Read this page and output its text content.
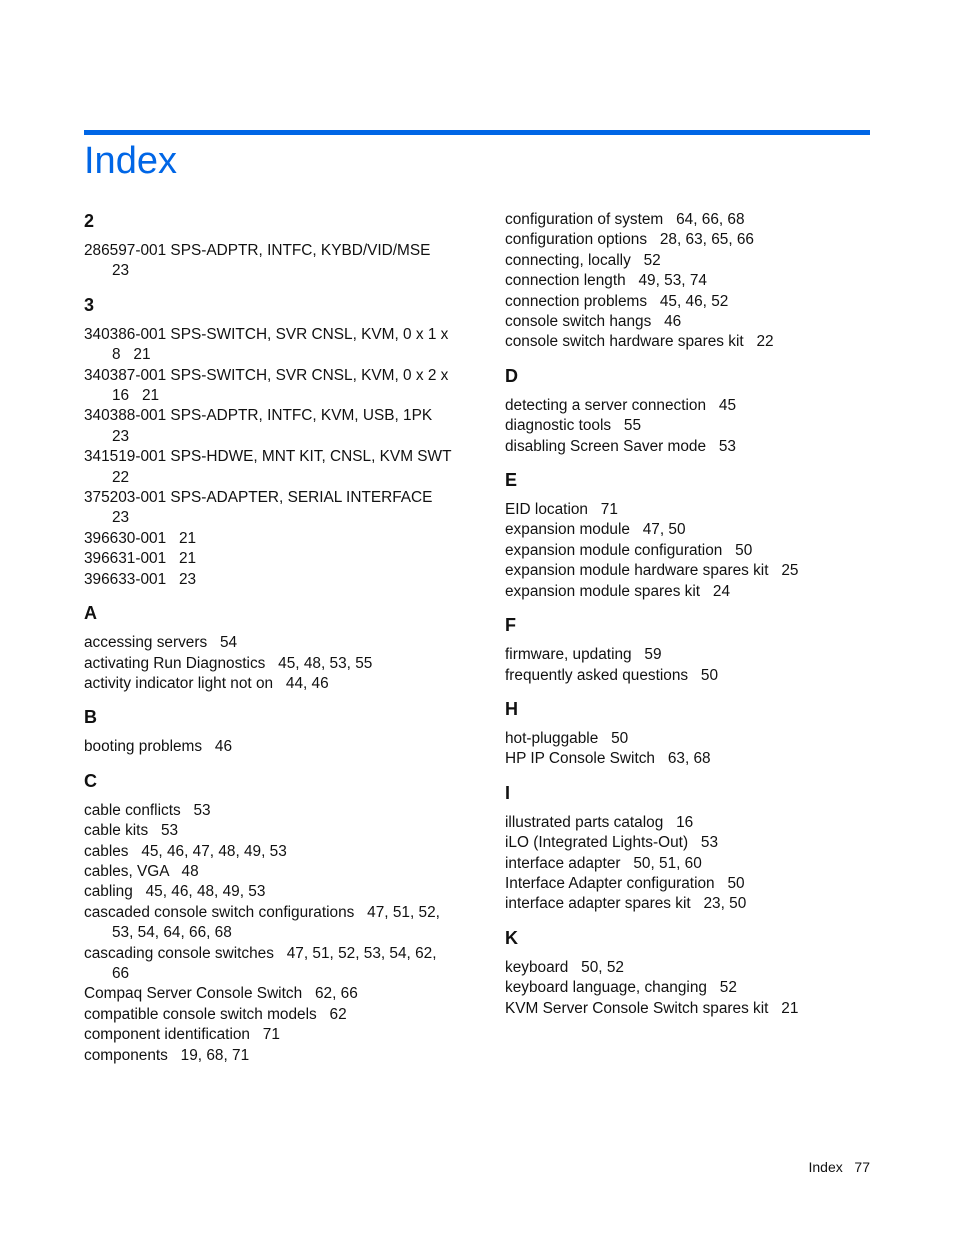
Index
2
286597-001 SPS-ADPTR, INTFC, KYBD/VID/MSE   23
3
340386-001 SPS-SWITCH, SVR CNSL, KVM, 0 x 1 x 8   21
340387-001 SPS-SWITCH, SVR CNSL, KVM, 0 x 2 x 16   21
340388-001 SPS-ADPTR, INTFC, KVM, USB, 1PK   23
341519-001 SPS-HDWE, MNT KIT, CNSL, KVM SWT   22
375203-001 SPS-ADAPTER, SERIAL INTERFACE   23
396630-001   21
396631-001   21
396633-001   23
A
accessing servers   54
activating Run Diagnostics   45, 48, 53, 55
activity indicator light not on   44, 46
B
booting problems   46
C
cable conflicts   53
cable kits   53
cables   45, 46, 47, 48, 49, 53
cables, VGA   48
cabling   45, 46, 48, 49, 53
cascaded console switch configurations   47, 51, 52, 53, 54, 64, 66, 68
cascading console switches   47, 51, 52, 53, 54, 62, 66
Compaq Server Console Switch   62, 66
compatible console switch models   62
component identification   71
components   19, 68, 71
configuration of system   64, 66, 68
configuration options   28, 63, 65, 66
connecting, locally   52
connection length   49, 53, 74
connection problems   45, 46, 52
console switch hangs   46
console switch hardware spares kit   22
D
detecting a server connection   45
diagnostic tools   55
disabling Screen Saver mode   53
E
EID location   71
expansion module   47, 50
expansion module configuration   50
expansion module hardware spares kit   25
expansion module spares kit   24
F
firmware, updating   59
frequently asked questions   50
H
hot-pluggable   50
HP IP Console Switch   63, 68
I
illustrated parts catalog   16
iLO (Integrated Lights-Out)   53
interface adapter   50, 51, 60
Interface Adapter configuration   50
interface adapter spares kit   23, 50
K
keyboard   50, 52
keyboard language, changing   52
KVM Server Console Switch spares kit   21
Index 77
